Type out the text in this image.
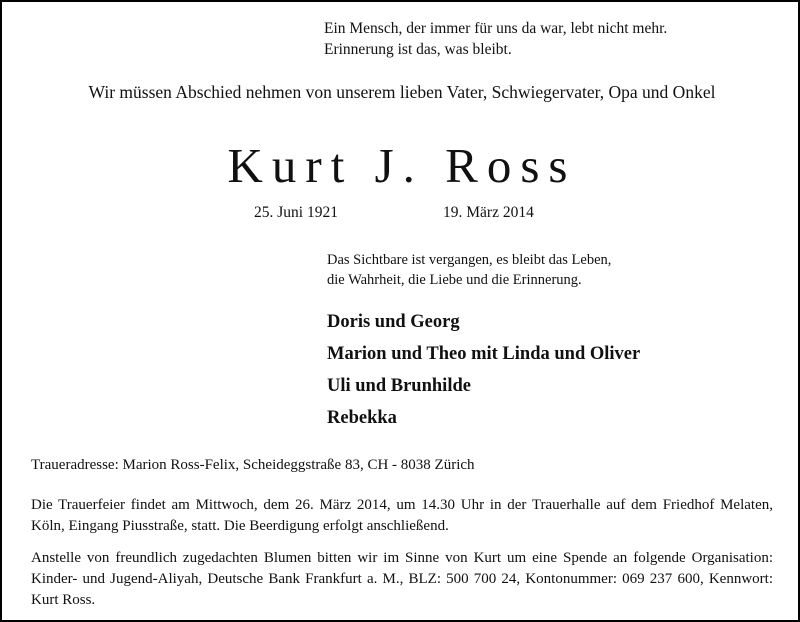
Ein Mensch, der immer für uns da war, lebt nicht mehr.
Erinnerung ist das, was bleibt.
Wir müssen Abschied nehmen von unserem lieben Vater, Schwiegervater, Opa und Onkel
Kurt J. Ross
25. Juni 1921	19. März 2014
Das Sichtbare ist vergangen, es bleibt das Leben,
die Wahrheit, die Liebe und die Erinnerung.
Doris und Georg
Marion und Theo mit Linda und Oliver
Uli und Brunhilde
Rebekka
Traueradresse: Marion Ross-Felix, Scheideggstraße 83, CH - 8038 Zürich

Die Trauerfeier findet am Mittwoch, dem 26. März 2014, um 14.30 Uhr in der Trauerhalle auf dem Friedhof Melaten, Köln, Eingang Piusstraße, statt. Die Beerdigung erfolgt anschließend.

Anstelle von freundlich zugedachten Blumen bitten wir im Sinne von Kurt um eine Spende an folgende Organisation: Kinder- und Jugend-Aliyah, Deutsche Bank Frankfurt a. M., BLZ: 500 700 24, Kontonummer: 069 237 600, Kennwort: Kurt Ross.
